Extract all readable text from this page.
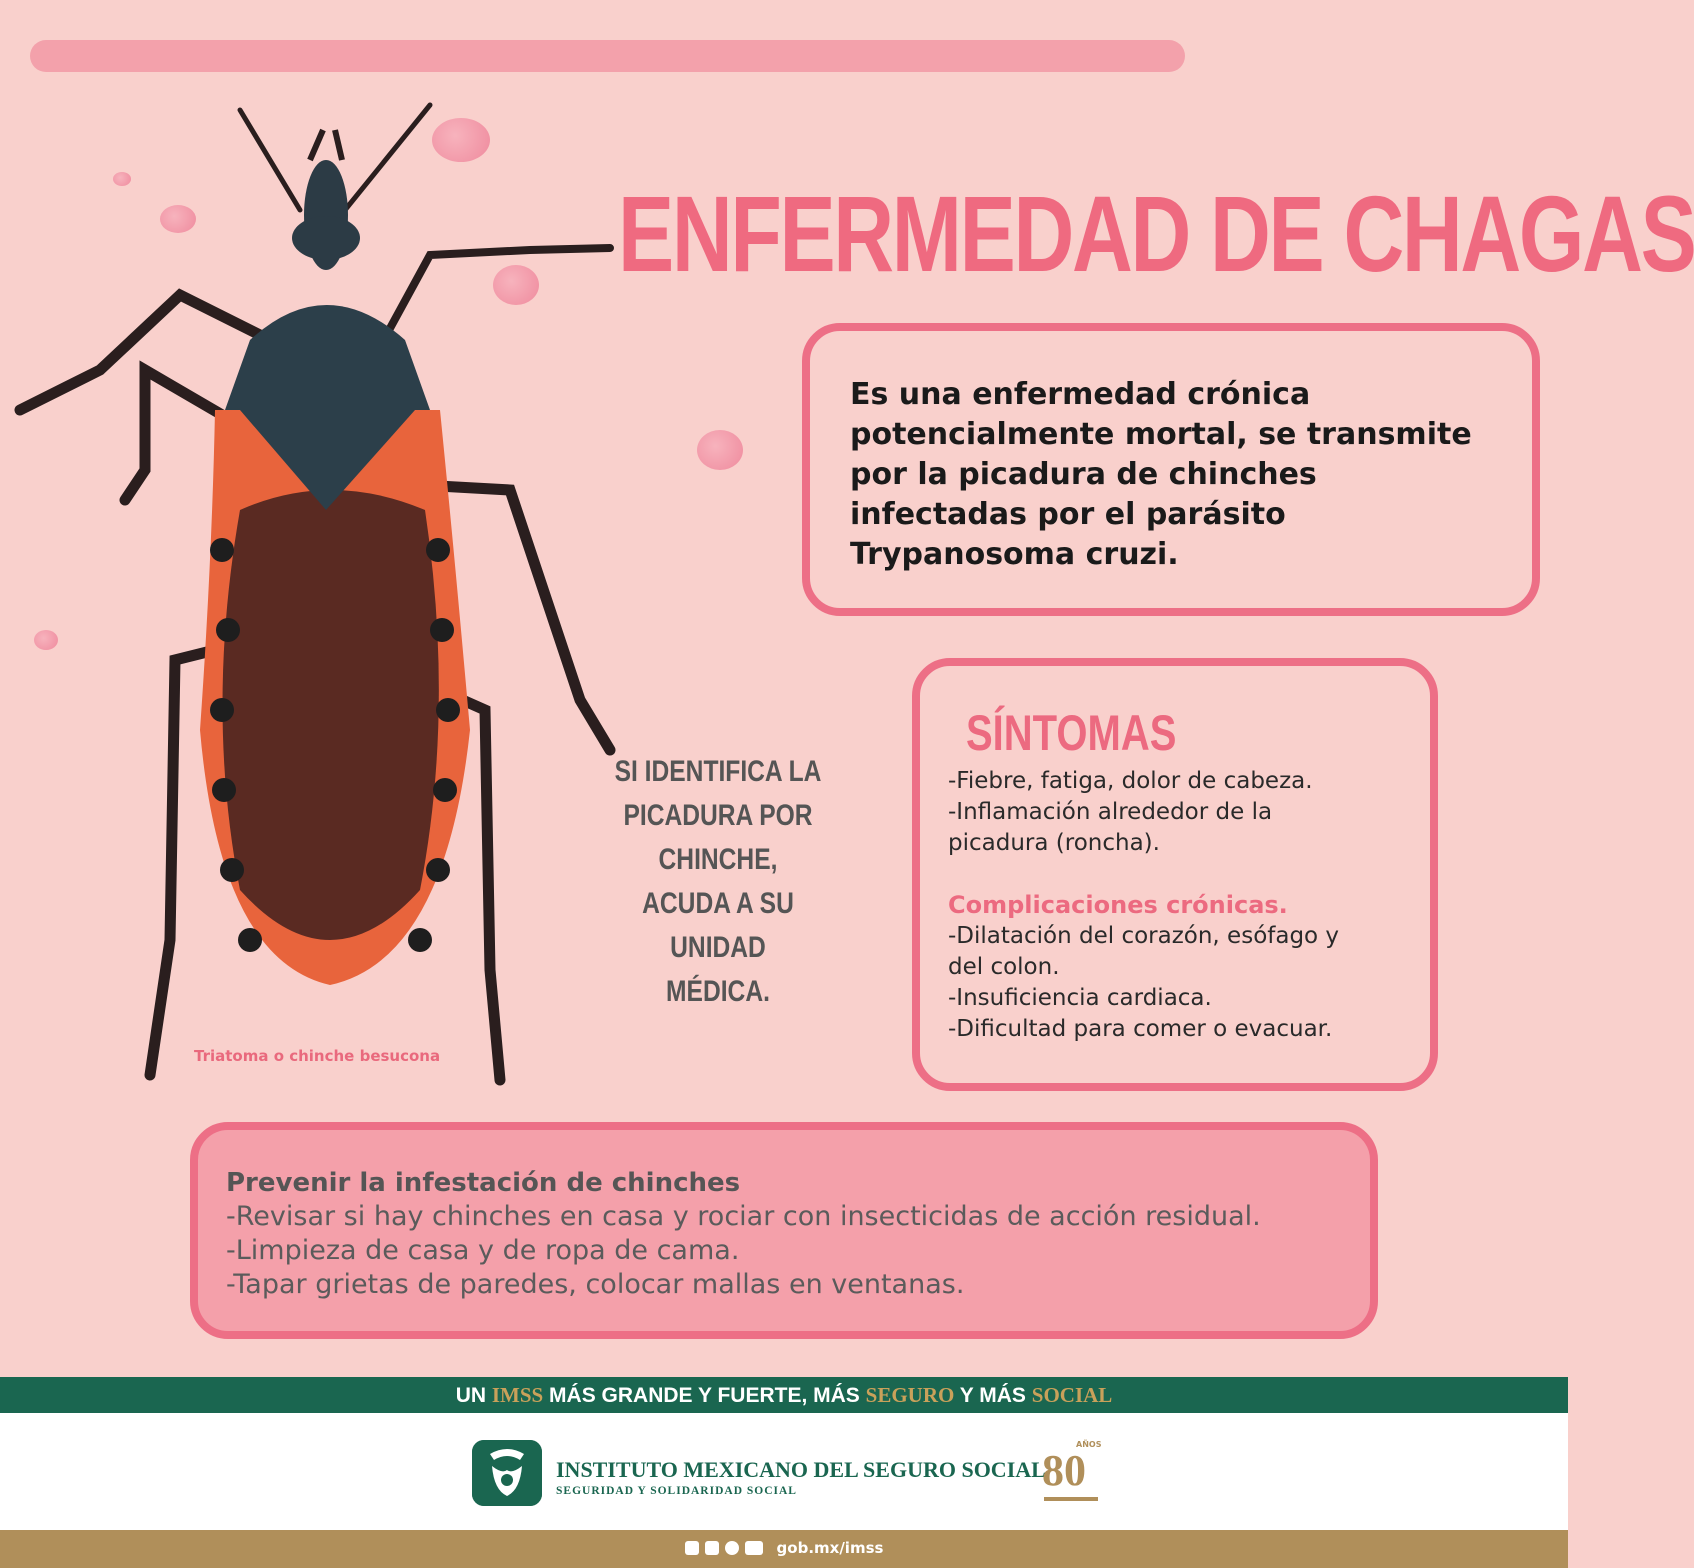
ENFERMEDAD DE CHAGAS
Es una enfermedad crónica
potencialmente mortal, se transmite
por la picadura de chinches
infectadas por el parásito
Trypanosoma cruzi.
SI IDENTIFICA LA
PICADURA POR CHINCHE,
ACUDA A SU UNIDAD
MÉDICA.
Triatoma o chinche besucona
SÍNTOMAS
-Fiebre, fatiga, dolor de cabeza.
-Inflamación alrededor de la
picadura (roncha).
Complicaciones crónicas.
-Dilatación del corazón, esófago y
del colon.
-Insuficiencia cardiaca.
-Dificultad para comer o evacuar.
Prevenir la infestación de chinches
-Revisar si hay chinches en casa y rociar con insecticidas de acción residual.
-Limpieza de casa y de ropa de cama.
-Tapar grietas de paredes, colocar mallas en ventanas.
UN IMSS MÁS GRANDE Y FUERTE, MÁS SEGURO Y MÁS SOCIAL
INSTITUTO MEXICANO DEL SEGURO SOCIAL
SEGURIDAD Y SOLIDARIDAD SOCIAL	80
AÑOS
gob.mx/imss
